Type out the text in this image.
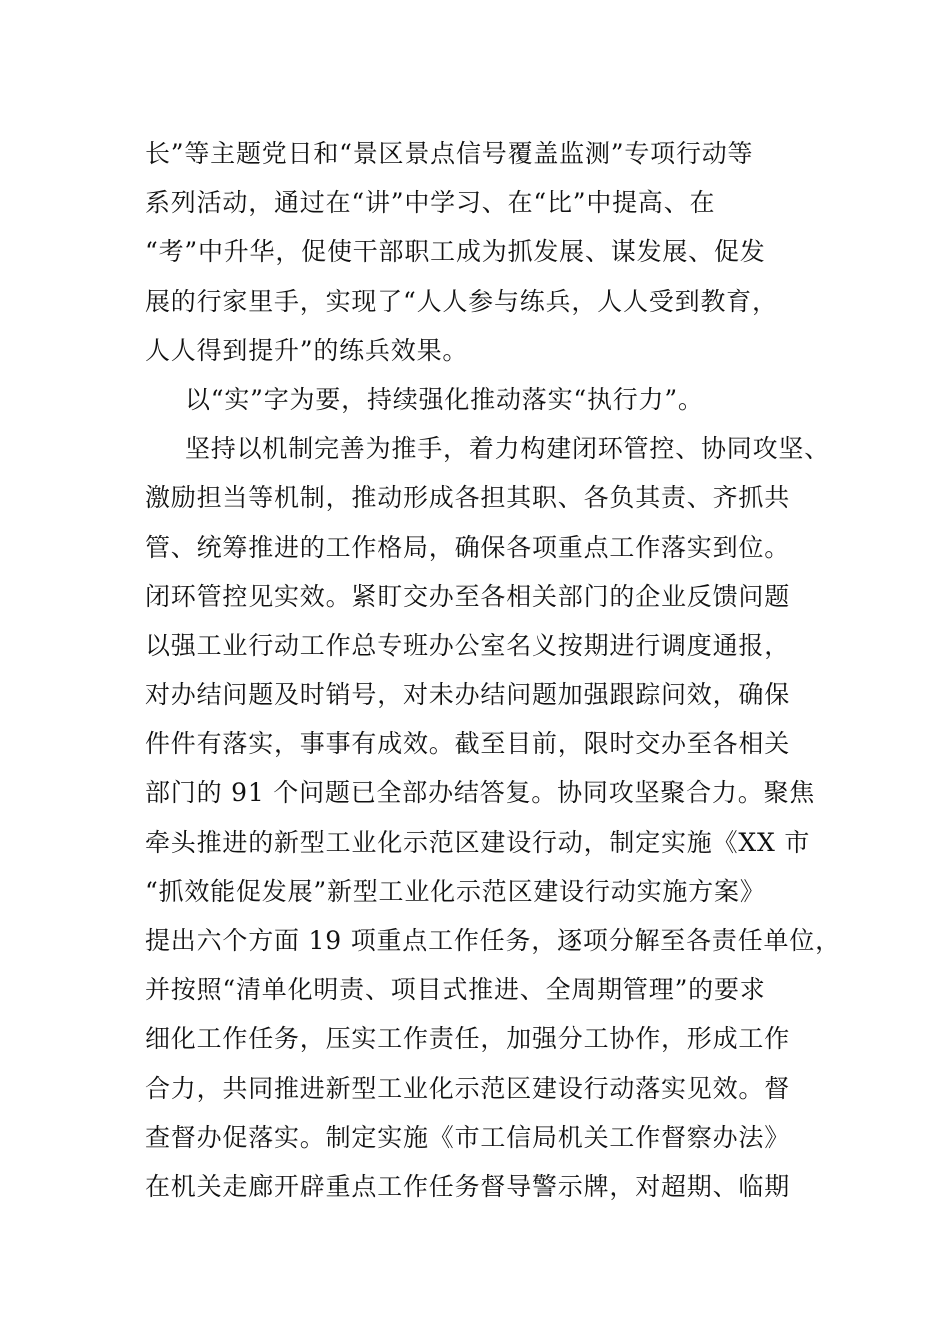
长”等主题党日和“景区景点信号覆盖监测”专项行动等
系列活动，通过在“讲”中学习、在“比”中提高、在
“考”中升华，促使干部职工成为抓发展、谋发展、促发
展的行家里手，实现了“人人参与练兵，人人受到教育，
人人得到提升”的练兵效果。
以“实”字为要，持续强化推动落实“执行力”。
坚持以机制完善为推手，着力构建闭环管控、协同攻坚、
激励担当等机制，推动形成各担其职、各负其责、齐抓共
管、统筹推进的工作格局，确保各项重点工作落实到位。
闭环管控见实效。紧盯交办至各相关部门的企业反馈问题
以强工业行动工作总专班办公室名义按期进行调度通报，
对办结问题及时销号，对未办结问题加强跟踪问效，确保
件件有落实，事事有成效。截至目前，限时交办至各相关
部门的 91 个问题已全部办结答复。协同攻坚聚合力。聚焦
牵头推进的新型工业化示范区建设行动，制定实施《XX 市
“抓效能促发展”新型工业化示范区建设行动实施方案》
提出六个方面 19 项重点工作任务，逐项分解至各责任单位，
并按照“清单化明责、项目式推进、全周期管理”的要求
细化工作任务，压实工作责任，加强分工协作，形成工作
合力，共同推进新型工业化示范区建设行动落实见效。督
查督办促落实。制定实施《市工信局机关工作督察办法》
在机关走廊开辟重点工作任务督导警示牌，对超期、临期
